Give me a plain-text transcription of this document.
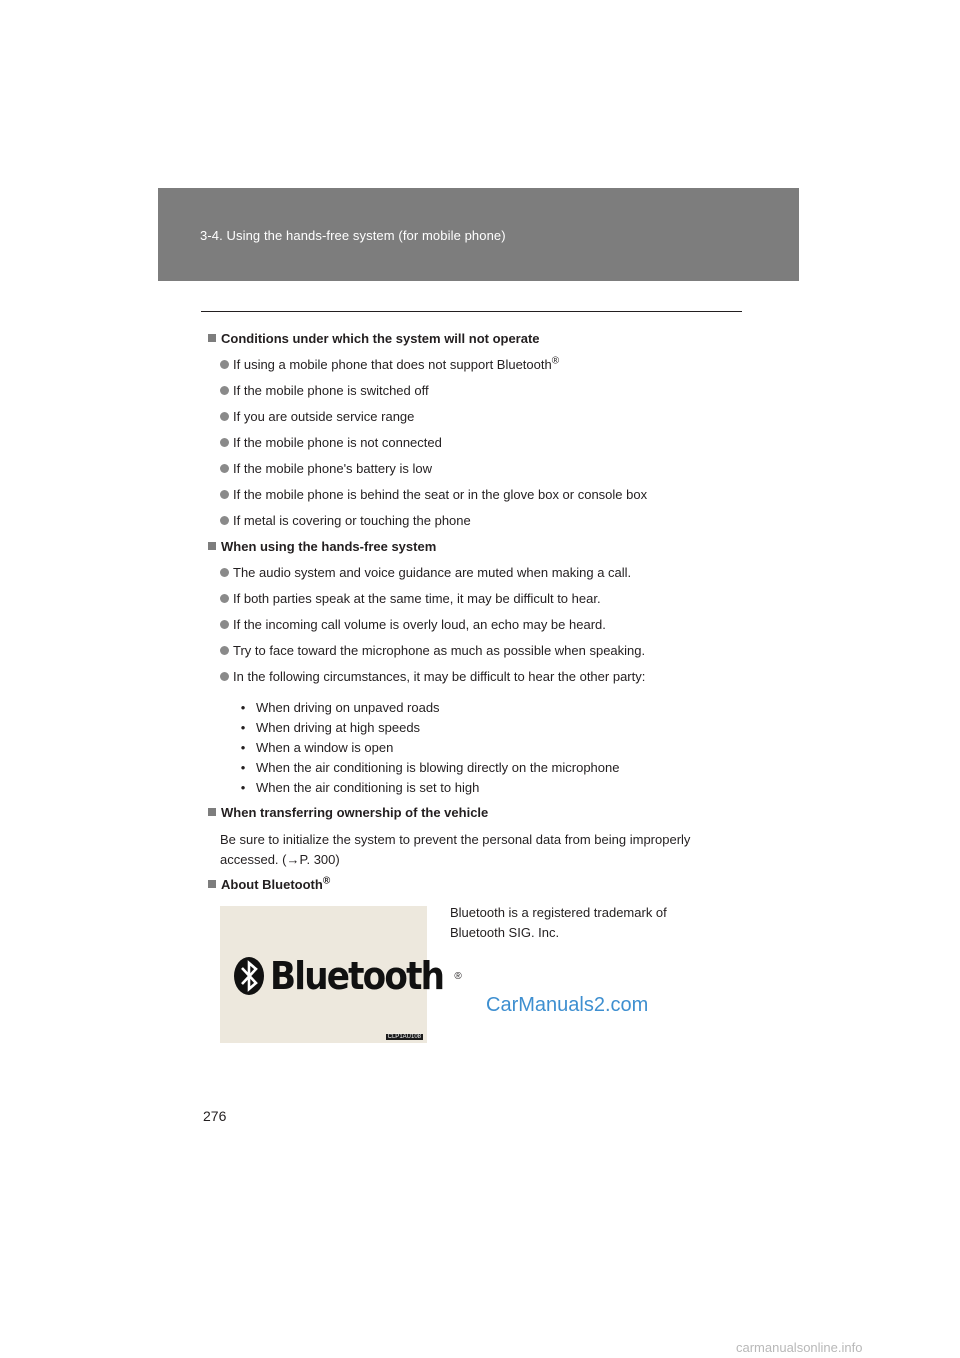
3-4. Using the hands-free system (for mobile phone)

Conditions under which the system will not operate

If using a mobile phone that does not support Bluetooth®

If the mobile phone is switched off

If you are outside service range

If the mobile phone is not connected

If the mobile phone's battery is low

If the mobile phone is behind the seat or in the glove box or console box

If metal is covering or touching the phone

When using the hands-free system

The audio system and voice guidance are muted when making a call.

If both parties speak at the same time, it may be difficult to hear.

If the incoming call volume is overly loud, an echo may be heard.

Try to face toward the microphone as much as possible when speaking.

In the following circumstances, it may be difficult to hear the other party:

• When driving on unpaved roads
• When driving at high speeds
• When a window is open
• When the air conditioning is blowing directly on the microphone
• When the air conditioning is set to high

When transferring ownership of the vehicle

Be sure to initialize the system to prevent the personal data from being improperly
accessed. (→P. 300)

About Bluetooth®

Bluetooth ®
CLP1AU108
Bluetooth is a registered trademark of
Bluetooth SIG. Inc.
CarManuals2.com
276
carmanualsonline.info
